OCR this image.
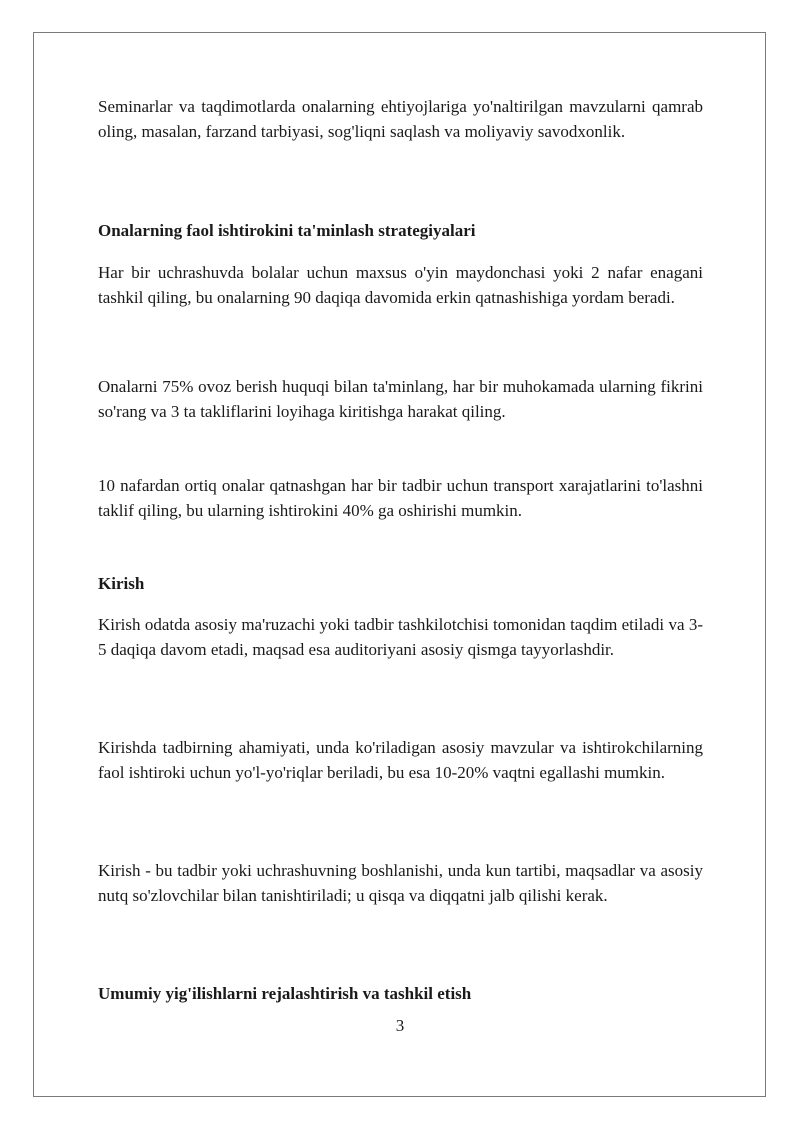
Seminarlar va taqdimotlarda onalarning ehtiyojlariga yo'naltirilgan mavzularni qamrab oling, masalan, farzand tarbiyasi, sog'liqni saqlash va moliyaviy savodxonlik.

Onalarning faol ishtirokini ta'minlash strategiyalari

Har bir uchrashuvda bolalar uchun maxsus o'yin maydonchasi yoki 2 nafar enagani tashkil qiling, bu onalarning 90 daqiqa davomida erkin qatnashishiga yordam beradi.

Onalarni 75% ovoz berish huquqi bilan ta'minlang, har bir muhokamada ularning fikrini so'rang va 3 ta takliflarini loyihaga kiritishga harakat qiling.

10 nafardan ortiq onalar qatnashgan har bir tadbir uchun transport xarajatlarini to'lashni taklif qiling, bu ularning ishtirokini 40% ga oshirishi mumkin.

Kirish

Kirish odatda asosiy ma'ruzachi yoki tadbir tashkilotchisi tomonidan taqdim etiladi va 3-5 daqiqa davom etadi, maqsad esa auditoriyani asosiy qismga tayyorlashdir.

Kirishda tadbirning ahamiyati, unda ko'riladigan asosiy mavzular va ishtirokchilarning faol ishtiroki uchun yo'l-yo'riqlar beriladi, bu esa 10-20% vaqtni egallashi mumkin.

Kirish - bu tadbir yoki uchrashuvning boshlanishi, unda kun tartibi, maqsadlar va asosiy nutq so'zlovchilar bilan tanishtiriladi; u qisqa va diqqatni jalb qilishi kerak.

Umumiy yig'ilishlarni rejalashtirish va tashkil etish

3
